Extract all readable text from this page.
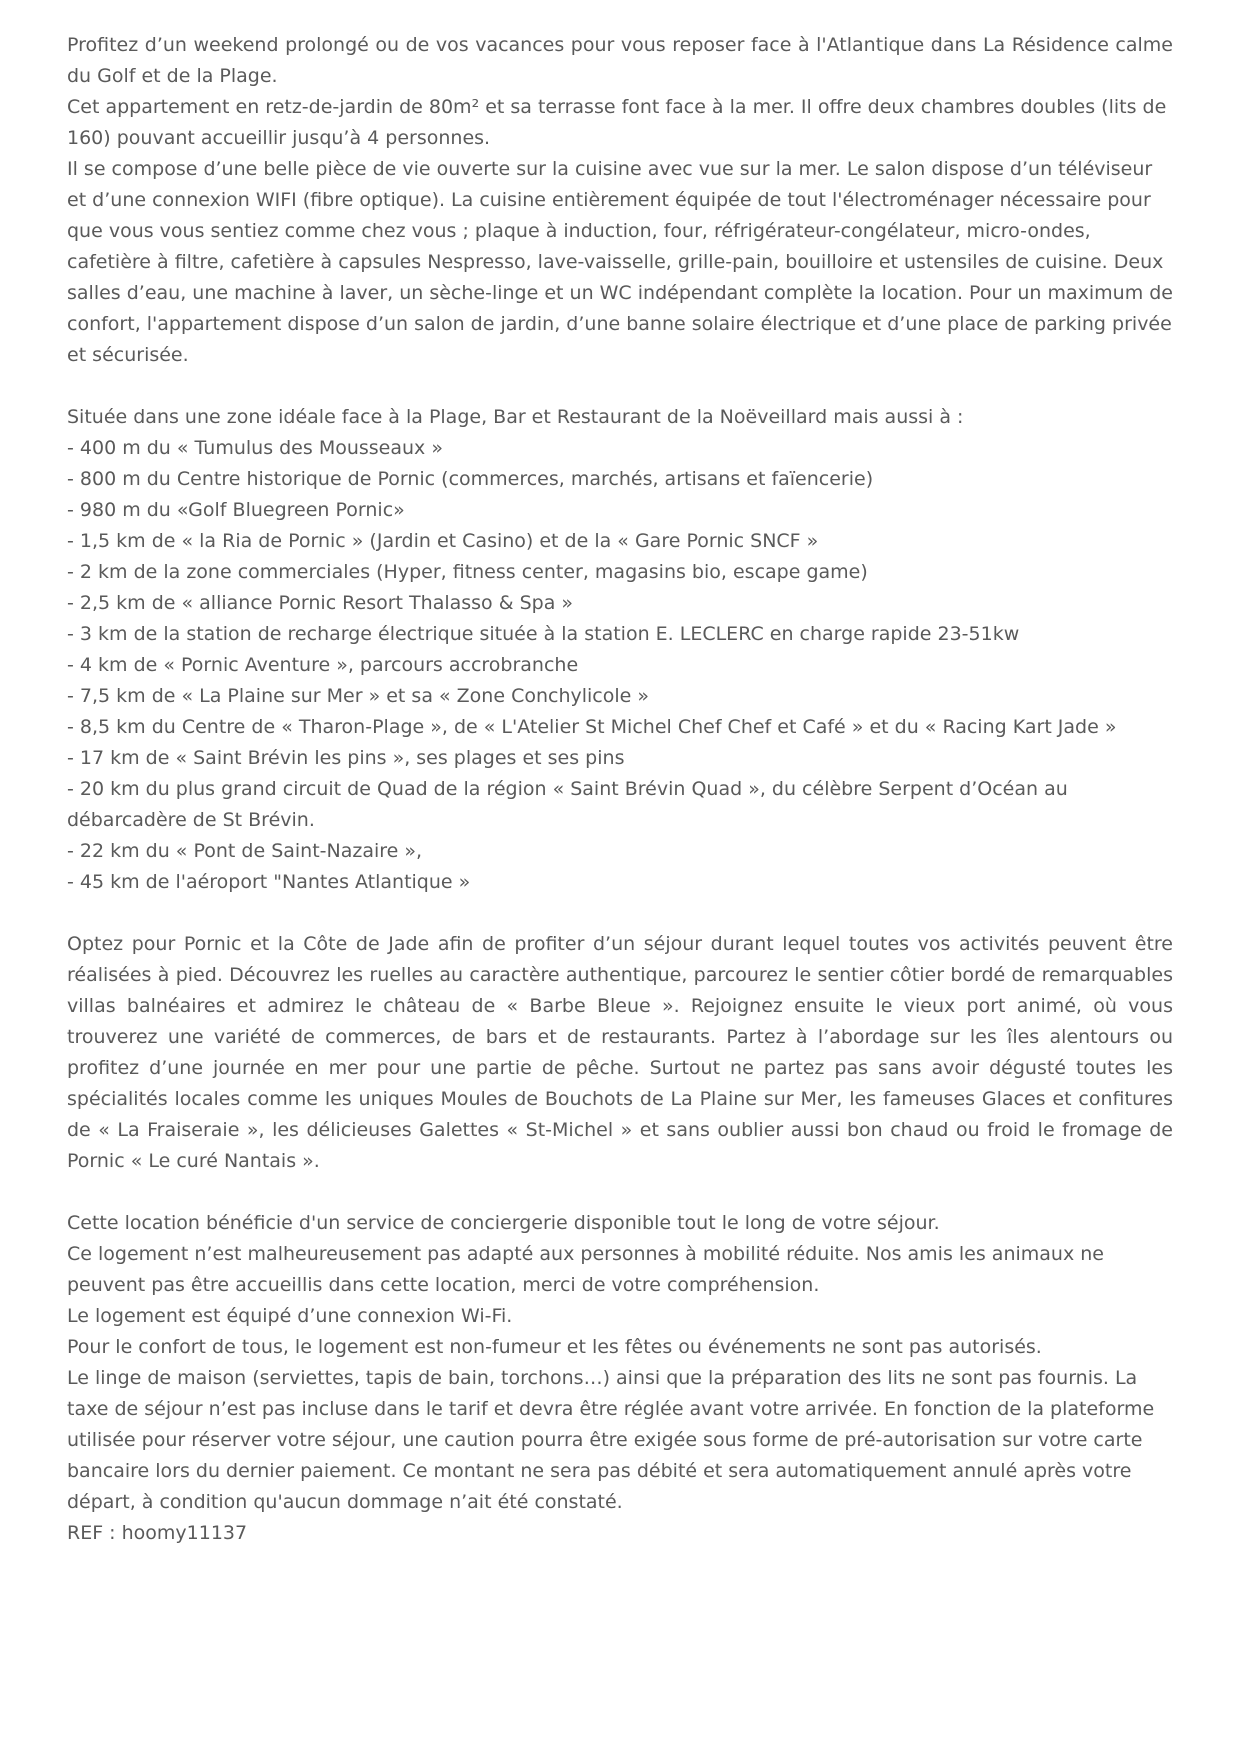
Profitez d’un weekend prolongé ou de vos vacances pour vous reposer face à l'Atlantique dans La Résidence calme du Golf et de la Plage.

Cet appartement en retz-de-jardin de 80m² et sa terrasse font face à la mer. Il offre deux chambres doubles (lits de 160) pouvant accueillir jusqu’à 4 personnes.

Il se compose d’une belle pièce de vie ouverte sur la cuisine avec vue sur la mer. Le salon dispose d’un téléviseur et d’une connexion WIFI (fibre optique). La cuisine entièrement équipée de tout l'électroménager nécessaire pour que vous vous sentiez comme chez vous ; plaque à induction, four, réfrigérateur-congélateur, micro-ondes, cafetière à filtre, cafetière à capsules Nespresso, lave-vaisselle, grille-pain, bouilloire et ustensiles de cuisine. Deux salles d’eau, une machine à laver, un sèche-linge et un WC indépendant complète la location. Pour un maximum de confort, l'appartement dispose d’un salon de jardin, d’une banne solaire électrique et d’une place de parking privée et sécurisée.

Située dans une zone idéale face à la Plage, Bar et Restaurant de la Noëveillard mais aussi à :

- 400 m du « Tumulus des Mousseaux »

- 800 m du Centre historique de Pornic (commerces, marchés, artisans et faïencerie)

- 980 m du «Golf Bluegreen Pornic»

- 1,5 km de « la Ria de Pornic » (Jardin et Casino) et de la « Gare Pornic SNCF »

- 2 km de la zone commerciales (Hyper, fitness center, magasins bio, escape game)

- 2,5 km de « alliance Pornic Resort Thalasso & Spa »

- 3 km de la station de recharge électrique située à la station E. LECLERC en charge rapide 23-51kw

- 4 km de « Pornic Aventure », parcours accrobranche

- 7,5 km de « La Plaine sur Mer » et sa « Zone Conchylicole »

- 8,5 km du Centre de « Tharon-Plage », de « L'Atelier St Michel Chef Chef et Café » et du « Racing Kart Jade »

- 17 km de « Saint Brévin les pins », ses plages et ses pins

- 20 km du plus grand circuit de Quad de la région « Saint Brévin Quad », du célèbre Serpent d’Océan au débarcadère de St Brévin.

- 22 km du « Pont de Saint-Nazaire »,

- 45 km de l'aéroport "Nantes Atlantique »

Optez pour Pornic et la Côte de Jade afin de profiter d’un séjour durant lequel toutes vos activités peuvent être réalisées à pied. Découvrez les ruelles au caractère authentique, parcourez le sentier côtier bordé de remarquables villas balnéaires et admirez le château de « Barbe Bleue ». Rejoignez ensuite le vieux port animé, où vous trouverez une variété de commerces, de bars et de restaurants. Partez à l’abordage sur les îles alentours ou profitez d’une journée en mer pour une partie de pêche. Surtout ne partez pas sans avoir dégusté toutes les spécialités locales comme les uniques Moules de Bouchots de La Plaine sur Mer, les fameuses Glaces et confitures de « La Fraiseraie », les délicieuses Galettes « St-Michel » et sans oublier aussi bon chaud ou froid le fromage de Pornic « Le curé Nantais ».

Cette location bénéficie d'un service de conciergerie disponible tout le long de votre séjour.

Ce logement n’est malheureusement pas adapté aux personnes à mobilité réduite. Nos amis les animaux ne peuvent pas être accueillis dans cette location, merci de votre compréhension.

Le logement est équipé d’une connexion Wi-Fi.

Pour le confort de tous, le logement est non-fumeur et les fêtes ou événements ne sont pas autorisés.

Le linge de maison (serviettes, tapis de bain, torchons…) ainsi que la préparation des lits ne sont pas fournis. La taxe de séjour n’est pas incluse dans le tarif et devra être réglée avant votre arrivée. En fonction de la plateforme utilisée pour réserver votre séjour, une caution pourra être exigée sous forme de pré-autorisation sur votre carte bancaire lors du dernier paiement. Ce montant ne sera pas débité et sera automatiquement annulé après votre départ, à condition qu'aucun dommage n’ait été constaté.

REF : hoomy11137
